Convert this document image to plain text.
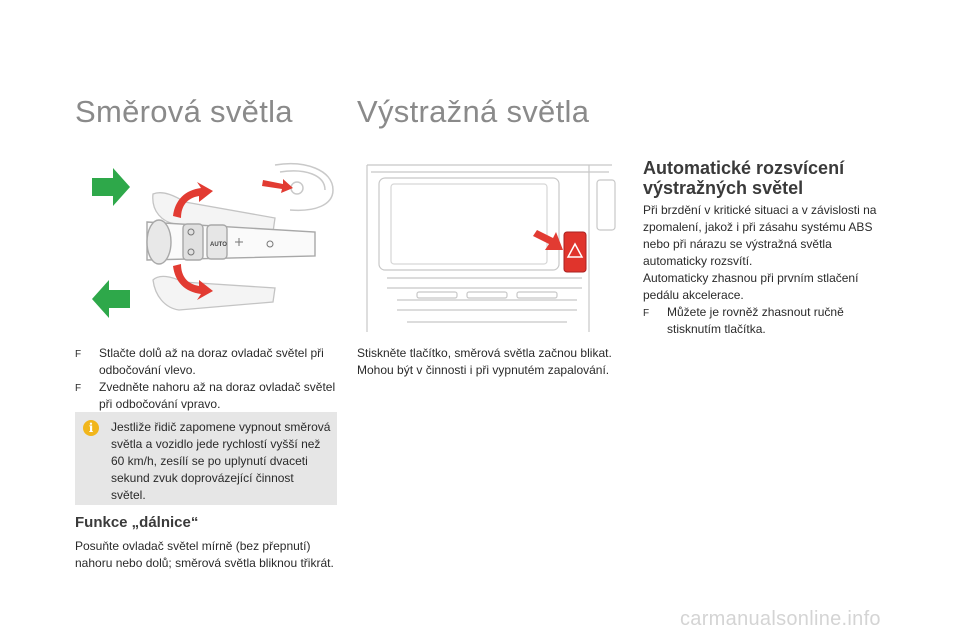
Směrová světla Výstražná světla
AUTO
F	Stlačte dolů až na doraz ovladač světel při odbočování vlevo.
F	Zvedněte nahoru až na doraz ovladač světel při odbočování vpravo.
i	Jestliže řidič zapomene vypnout směrová světla a vozidlo jede rychlostí vyšší než 60 km/h, zesílí se po uplynutí dvaceti sekund zvuk doprovázející činnost světel.
Funkce „dálnice“
Posuňte ovladač světel mírně (bez přepnutí) nahoru nebo dolů; směrová světla bliknou třikrát.
Stiskněte tlačítko, směrová světla začnou blikat. Mohou být v činnosti i při vypnutém zapalování.
Automatické rozsvícení výstražných světel
Při brzdění v kritické situaci a v závislosti na zpomalení, jakož i při zásahu systému ABS nebo při nárazu se výstražná světla automaticky rozsvítí.
Automaticky zhasnou při prvním stlačení pedálu akcelerace.
F	Můžete je rovněž zhasnout ručně stisknutím tlačítka.
carmanualsonline.info
